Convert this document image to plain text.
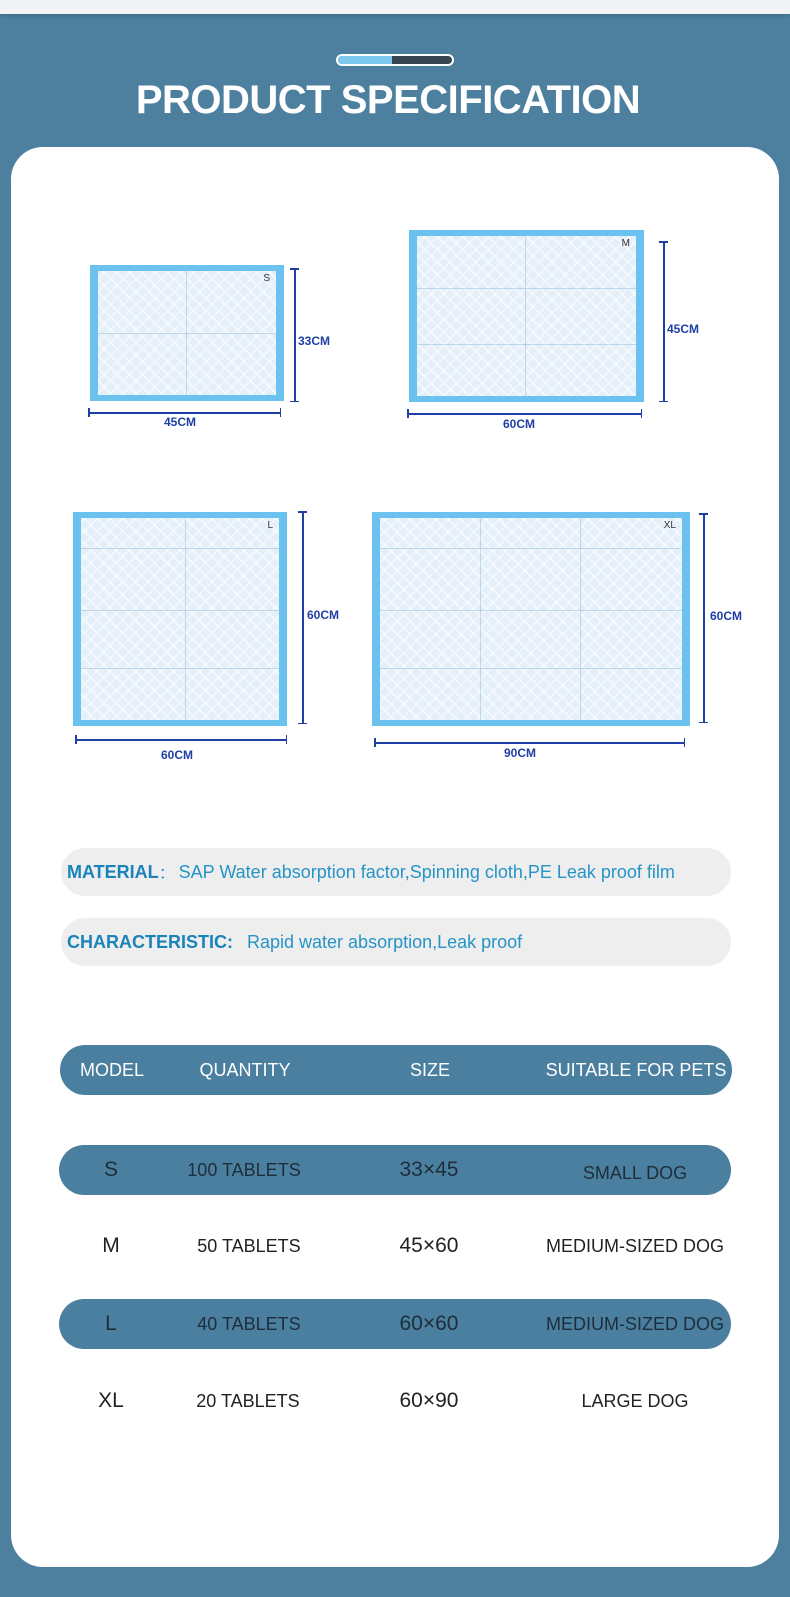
PRODUCT SPECIFICATION
S
45CM
33CM
M
60CM
45CM
L
60CM
60CM
XL
90CM
60CM
MATERIAL ： SAP Water absorption factor,Spinning cloth,PE Leak proof film
CHARACTERISTIC: Rapid water absorption,Leak proof
MODEL	QUANTITY	SIZE	SUITABLE FOR PETS
S	100 TABLETS	33×45	SMALL DOG
M	50 TABLETS	45×60	MEDIUM-SIZED DOG
L	40 TABLETS	60×60	MEDIUM-SIZED DOG
XL	20 TABLETS	60×90	LARGE DOG
